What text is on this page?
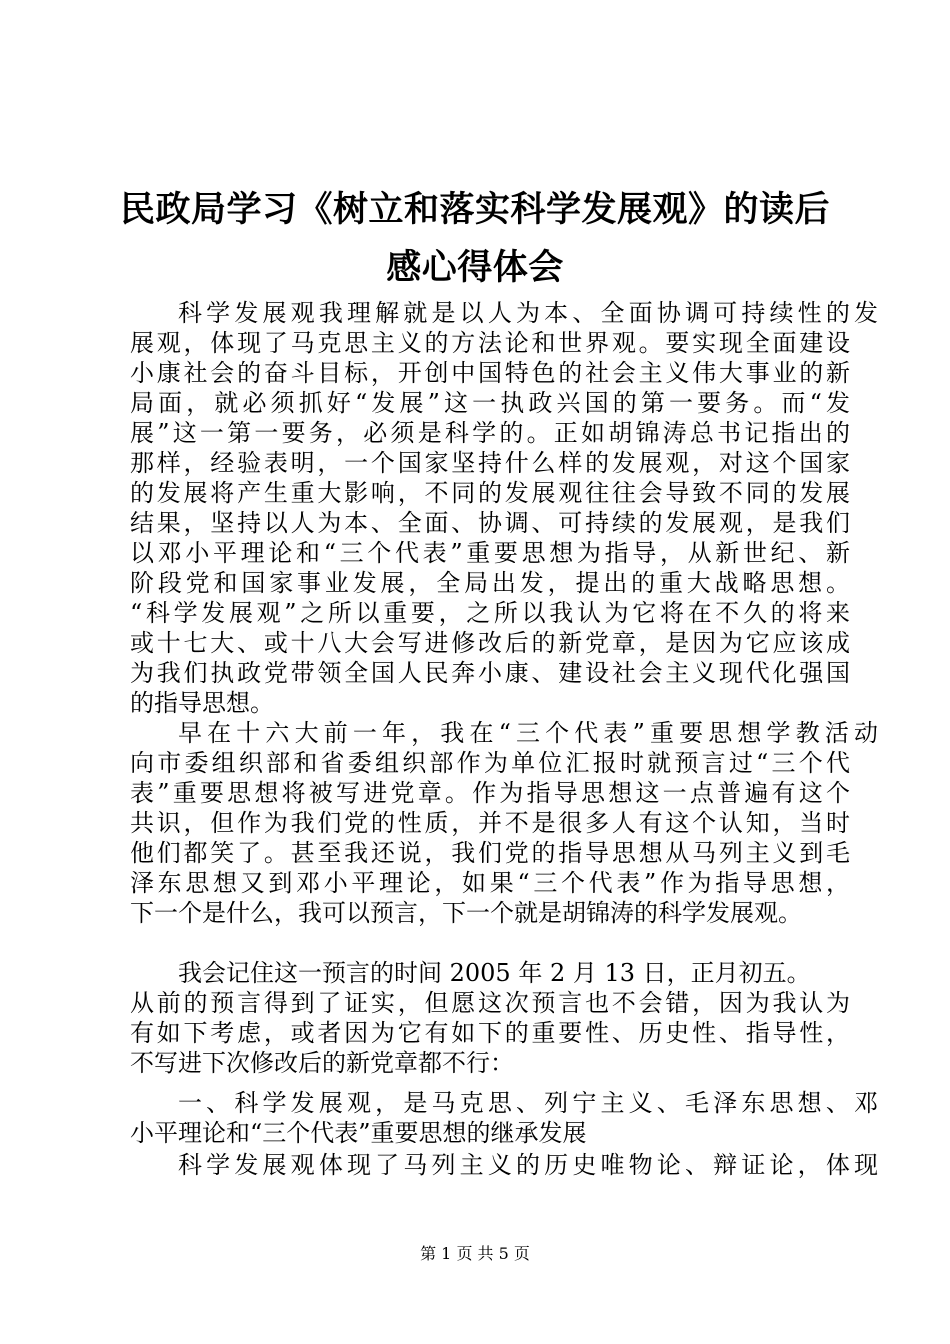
民政局学习《树立和落实科学发展观》的读后
感心得体会
科学发展观我理解就是以人为本、全面协调可持续性的发
展观，体现了马克思主义的方法论和世界观。要实现全面建设
小康社会的奋斗目标，开创中国特色的社会主义伟大事业的新
局面，就必须抓好“发展”这一执政兴国的第一要务。而“发
展”这一第一要务，必须是科学的。正如胡锦涛总书记指出的
那样，经验表明，一个国家坚持什么样的发展观，对这个国家
的发展将产生重大影响，不同的发展观往往会导致不同的发展
结果，坚持以人为本、全面、协调、可持续的发展观，是我们
以邓小平理论和“三个代表”重要思想为指导，从新世纪、新
阶段党和国家事业发展，全局出发，提出的重大战略思想。
“科学发展观”之所以重要，之所以我认为它将在不久的将来
或十七大、或十八大会写进修改后的新党章，是因为它应该成
为我们执政党带领全国人民奔小康、建设社会主义现代化强国
的指导思想。
早在十六大前一年，我在“三个代表”重要思想学教活动
向市委组织部和省委组织部作为单位汇报时就预言过“三个代
表”重要思想将被写进党章。作为指导思想这一点普遍有这个
共识，但作为我们党的性质，并不是很多人有这个认知，当时
他们都笑了。甚至我还说，我们党的指导思想从马列主义到毛
泽东思想又到邓小平理论，如果“三个代表”作为指导思想，
下一个是什么，我可以预言，下一个就是胡锦涛的科学发展观。
我会记住这一预言的时间 2005 年 2 月 13 日，正月初五。
从前的预言得到了证实，但愿这次预言也不会错，因为我认为
有如下考虑，或者因为它有如下的重要性、历史性、指导性，
不写进下次修改后的新党章都不行：
一、科学发展观，是马克思、列宁主义、毛泽东思想、邓
小平理论和“三个代表”重要思想的继承发展
科学发展观体现了马列主义的历史唯物论、辩证论，体现
第 1 页 共 5 页
